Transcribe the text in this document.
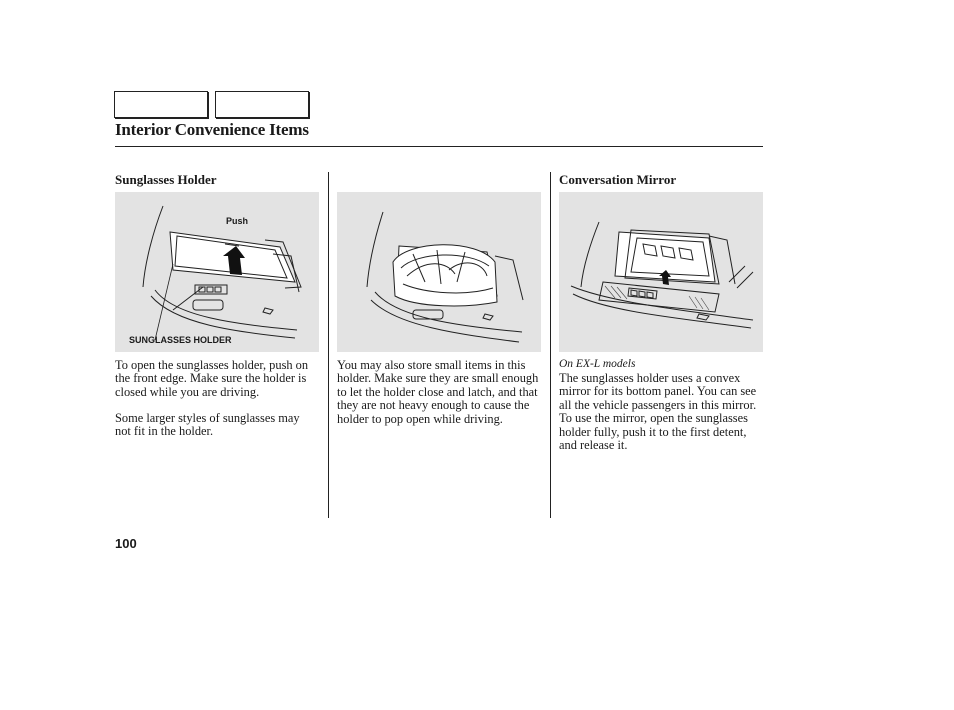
Interior Convenience Items
Sunglasses Holder
Push
SUNGLASSES HOLDER
To open the sunglasses holder, push on the front edge. Make sure the holder is closed while you are driving.
Some larger styles of sunglasses may not fit in the holder.
You may also store small items in this holder. Make sure they are small enough to let the holder close and latch, and that they are not heavy enough to cause the holder to pop open while driving.
Conversation Mirror
On EX-L models
The sunglasses holder uses a convex mirror for its bottom panel. You can see all the vehicle passengers in this mirror. To use the mirror, open the sunglasses holder fully, push it to the first detent, and release it.
100
